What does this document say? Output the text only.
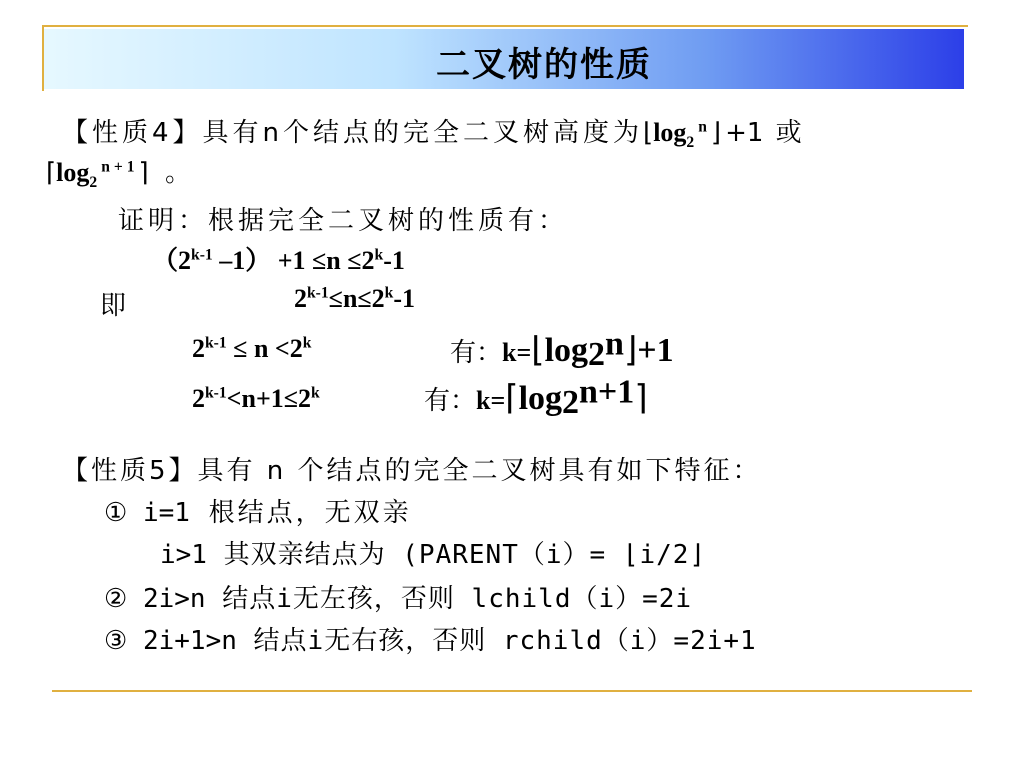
二叉树的性质
【性质4】具有n个结点的完全二叉树高度为$⌊\log_2^n⌋+1$ 或
$⌈\log_2^{n+1}⌉$ 。
证明：根据完全二叉树的性质有：
（2$^{k-1}$ $-1) +1 \le n \le 2^k-1$
即	$2^{k-1}\le n\le 2^k-1$
$2^{k-1} \le n <2^k$	有：$k=⌊\log_2^n⌋+1$
$2^{k-1}<n+1\le 2^k$	有：$k=⌈\log_2^{n+1}⌉$
【性质5】具有 n 个结点的完全二叉树具有如下特征：
① i=1 根结点，无双亲
i>1 其双亲结点为 (PARENT（i）= ⌊i/2⌋
② 2i>n 结点i无左孩，否则 lchild（i）=2i
③ 2i+1>n 结点i无右孩，否则 rchild（i）=2i+1
